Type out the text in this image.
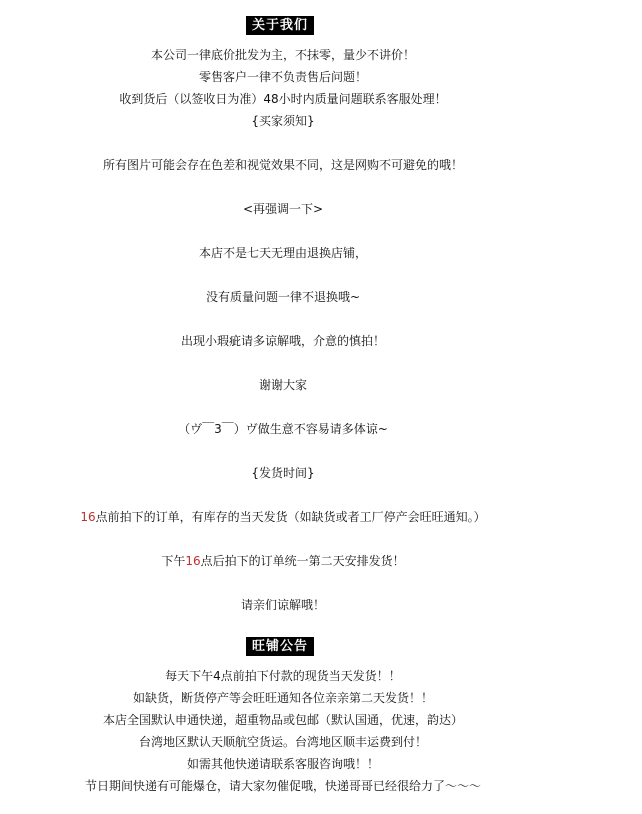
关于我们
本公司一律底价批发为主，不抹零，量少不讲价！
零售客户一律不负责售后问题！
收到货后（以签收日为准）48小时内质量问题联系客服处理！
{买家须知}
所有图片可能会存在色差和视觉效果不同，这是网购不可避免的哦！
<再强调一下>
本店不是七天无理由退换店铺，
没有质量问题一律不退换哦~
出现小瑕疵请多谅解哦，介意的慎拍！
谢谢大家
（ヴ￣3￣）ヴ做生意不容易请多体谅~
{发货时间}
16点前拍下的订单，有库存的当天发货（如缺货或者工厂停产会旺旺通知。）
下午16点后拍下的订单统一第二天安排发货！
请亲们谅解哦！
旺铺公告
每天下午4点前拍下付款的现货当天发货！！
如缺货，断货停产等会旺旺通知各位亲亲第二天发货！！
本店全国默认申通快递，超重物品或包邮（默认国通，优速，韵达）
台湾地区默认天顺航空货运。台湾地区顺丰运费到付！
如需其他快递请联系客服咨询哦！！
节日期间快递有可能爆仓，请大家勿催促哦，快递哥哥已经很给力了～～～
